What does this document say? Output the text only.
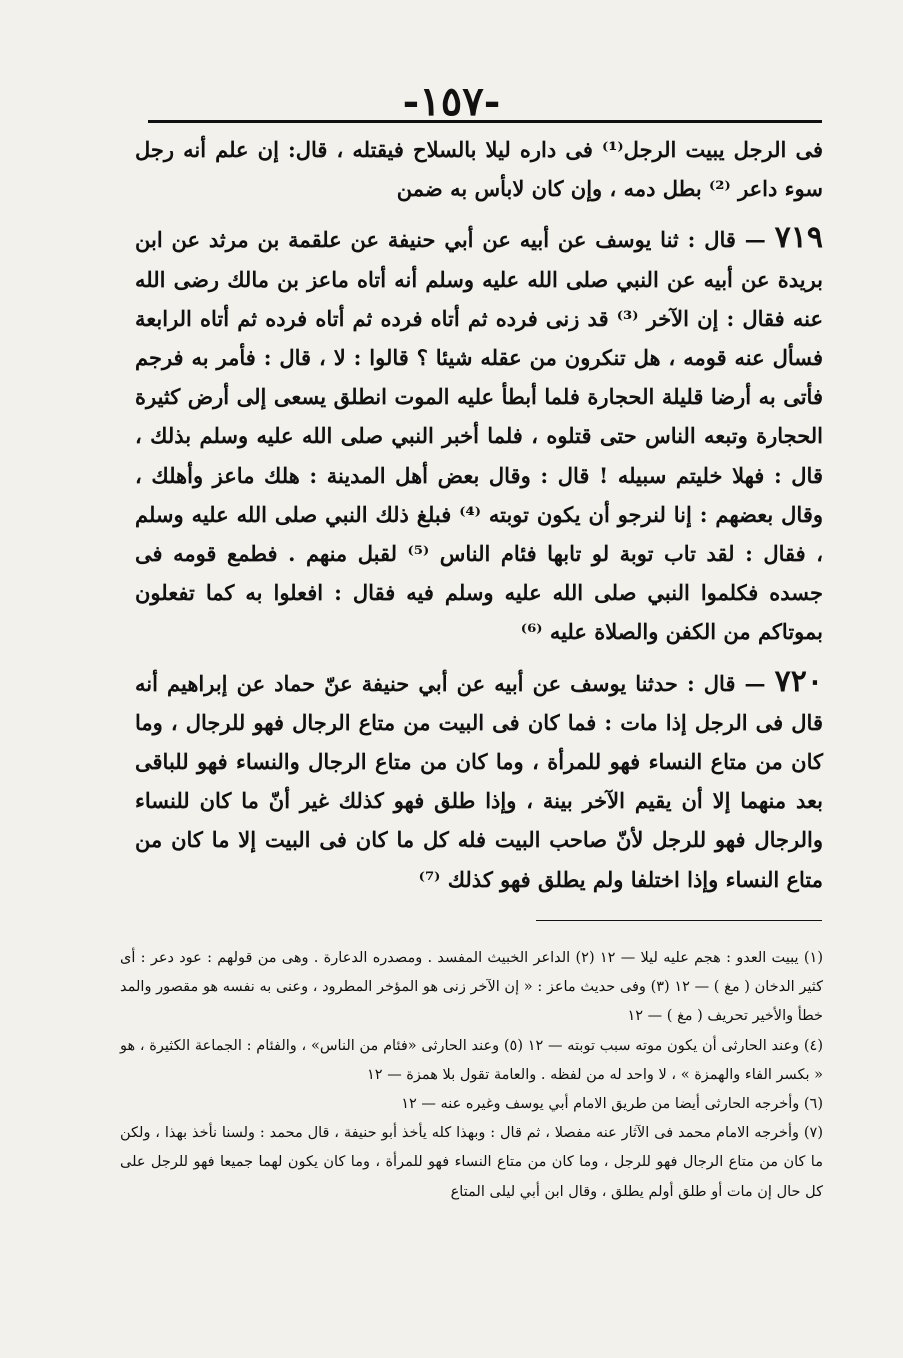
-١٥٧-

فى الرجل يبيت الرجل⁽¹⁾ فى داره ليلا بالسلاح فيقتله ، قال: إن علم أنه رجل سوء داعر ⁽²⁾ بطل دمه ، وإن كان لابأس به ضمن

٧١٩ — قال : ثنا يوسف عن أبيه عن أبي حنيفة عن علقمة بن مرثد عن ابن بريدة عن أبيه عن النبي صلى الله عليه وسلم أنه أتاه ماعز بن مالك رضى الله عنه فقال : إن الآخر ⁽³⁾ قد زنى فرده ثم أتاه فرده ثم أتاه فرده ثم أتاه الرابعة فسأل عنه قومه ، هل تنكرون من عقله شيئا ؟ قالوا : لا ، قال : فأمر به فرجم فأتى به أرضا قليلة الحجارة فلما أبطأ عليه الموت انطلق يسعى إلى أرض كثيرة الحجارة وتبعه الناس حتى قتلوه ، فلما أخبر النبي صلى الله عليه وسلم بذلك ، قال : فهلا خليتم سبيله ! قال : وقال بعض أهل المدينة : هلك ماعز وأهلك ، وقال بعضهم : إنا لنرجو أن يكون توبته ⁽⁴⁾ فبلغ ذلك النبي صلى الله عليه وسلم ، فقال : لقد تاب توبة لو تابها فئام الناس ⁽⁵⁾ لقبل منهم . فطمع قومه فى جسده فكلموا النبي صلى الله عليه وسلم فيه فقال : افعلوا به كما تفعلون بموتاكم من الكفن والصلاة عليه ⁽⁶⁾

٧٢٠ — قال : حدثنا يوسف عن أبيه عن أبي حنيفة عنّ حماد عن إبراهيم أنه قال فى الرجل إذا مات : فما كان فى البيت من متاع الرجال فهو للرجال ، وما كان من متاع النساء فهو للمرأة ، وما كان من متاع الرجال والنساء فهو للباقى بعد منهما إلا أن يقيم الآخر بينة ، وإذا طلق فهو كذلك غير أنّ ما كان للنساء والرجال فهو للرجل لأنّ صاحب البيت فله كل ما كان فى البيت إلا ما كان من متاع النساء وإذا اختلفا ولم يطلق فهو كذلك ⁽⁷⁾

(١) يبيت العدو : هجم عليه ليلا — ١٢ (٢) الداعر الخبيث المفسد . ومصدره الدعارة . وهى من قولهم : عود دعر : أى كثير الدخان ( مغ ) — ١٢ (٣) وفى حديث ماعز : « إن الآخر زنى هو المؤخر المطرود ، وعنى به نفسه هو مقصور والمد خطأ والأخير تحريف ( مغ ) — ١٢

(٤) وعند الحارثى أن يكون موته سبب توبته — ١٢ (٥) وعند الحارثى «فئام من الناس» ، والفئام : الجماعة الكثيرة ، هو « بكسر الفاء والهمزة » ، لا واحد له من لفظه . والعامة تقول بلا همزة — ١٢

(٦) وأخرجه الحارثى أيضا من طريق الامام أبي يوسف وغيره عنه — ١٢

(٧) وأخرجه الامام محمد فى الآثار عنه مفصلا ، ثم قال : وبهذا كله يأخذ أبو حنيفة ، قال محمد : ولسنا نأخذ بهذا ، ولكن ما كان من متاع الرجال فهو للرجل ، وما كان من متاع النساء فهو للمرأة ، وما كان يكون لهما جميعا فهو للرجل على كل حال إن مات أو طلق أولم يطلق ، وقال ابن أبي ليلى المتاع
